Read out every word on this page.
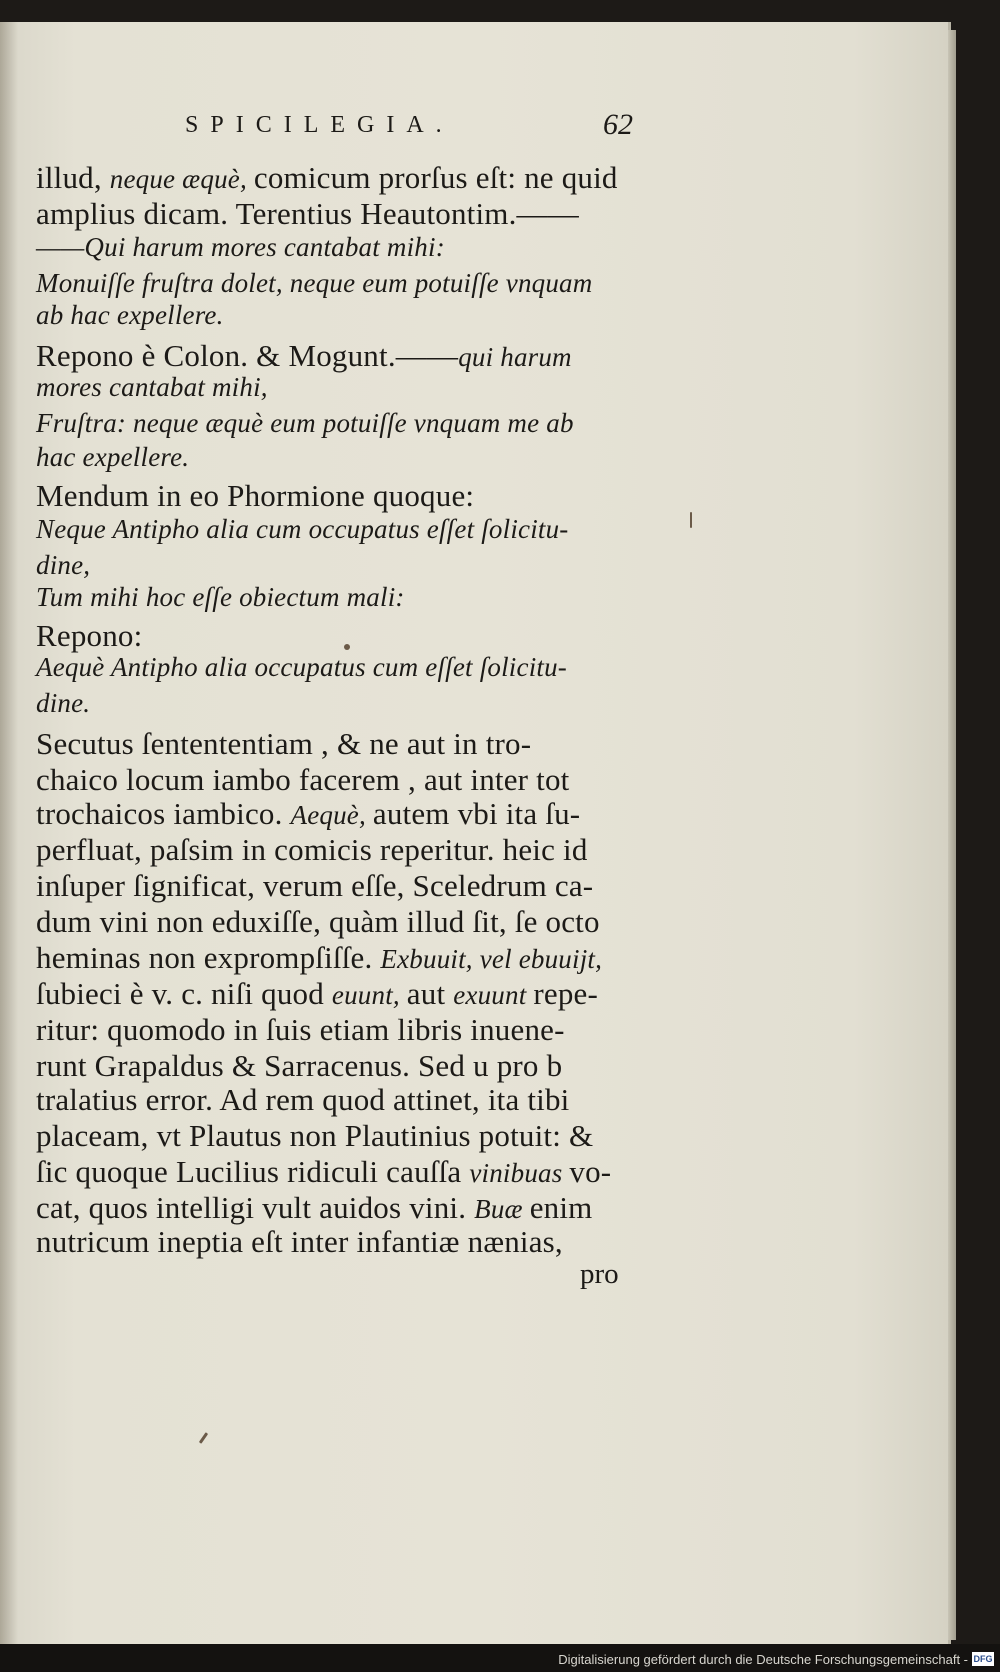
SPICILEGIA.	62
illud, neque æquè, comicum prorſus eſt: ne quid
amplius dicam. Terentius Heautontim.——
——Qui harum mores cantabat mihi:
Monuiſſe fruſtra dolet, neque eum potuiſſe vnquam
ab hac expellere.
Repono è Colon. & Mogunt.——qui harum
mores cantabat mihi,
Fruſtra: neque æquè eum potuiſſe vnquam me ab
hac expellere.
Mendum in eo Phormione quoque:
Neque Antipho alia cum occupatus eſſet ſolicitu-
dine,
Tum mihi hoc eſſe obiectum mali:
Repono:
Aequè Antipho alia occupatus cum eſſet ſolicitu-
dine.
Secutus ſentententiam , & ne aut in tro-
chaico locum iambo facerem , aut inter tot
trochaicos iambico. Aequè, autem vbi ita ſu-
perfluat, paſsim in comicis reperitur. heic id
inſuper ſignificat, verum eſſe, Sceledrum ca-
dum vini non eduxiſſe, quàm illud ſit, ſe octo
heminas non exprompſiſſe. Exbuuit, vel ebuuijt,
ſubieci è v. c. niſi quod euunt, aut exuunt repe-
ritur: quomodo in ſuis etiam libris inuene-
runt Grapaldus & Sarracenus. Sed u pro b
tralatius error. Ad rem quod attinet, ita tibi
placeam, vt Plautus non Plautinius potuit: &
ſic quoque Lucilius ridiculi cauſſa vinibuas vo-
cat, quos intelligi vult auidos vini. Buæ enim
nutricum ineptia eſt inter infantiæ nænias,
pro
Digitalisierung gefördert durch die Deutsche Forschungsgemeinschaft - DFG
